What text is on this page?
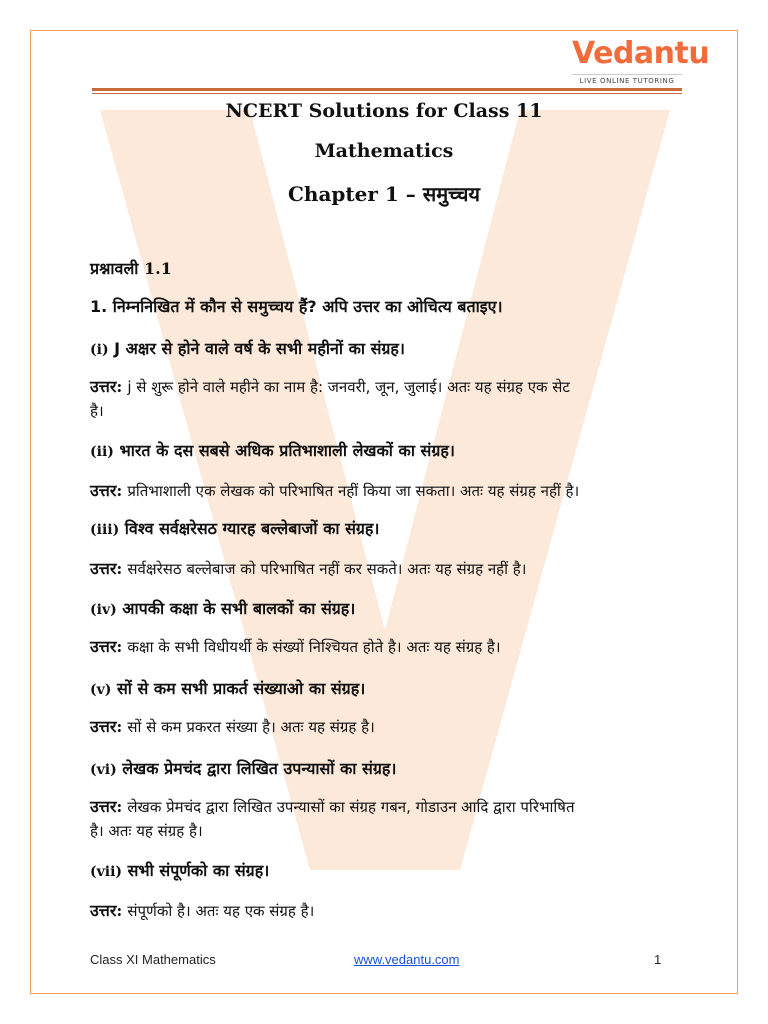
Vedantu
LIVE ONLINE TUTORING
NCERT Solutions for Class 11
Mathematics
Chapter 1 – समुच्चय
प्रश्नावली 1.1
1. निम्ननिखित में कौन से समुच्चय हैं? अपि उत्तर का ओचित्य बताइए।
(i) J अक्षर से होने वाले वर्ष के सभी महीनों का संग्रह।
उत्तर: j से शुरू होने वाले महीने का नाम है: जनवरी, जून, जुलाई। अतः यह संग्रह एक सेट
है।
(ii) भारत के दस सबसे अधिक प्रतिभाशाली लेखकों का संग्रह।
उत्तर: प्रतिभाशाली एक लेखक को परिभाषित नहीं किया जा सकता। अतः यह संग्रह नहीं है।
(iii) विश्व सर्वक्षरेसठ ग्यारह बल्लेबाजों का संग्रह।
उत्तर: सर्वक्षरेसठ बल्लेबाज को परिभाषित नहीं कर सकते। अतः यह संग्रह नहीं है।
(iv) आपकी कक्षा के सभी बालकों का संग्रह।
उत्तर: कक्षा के सभी विधीयर्थी के संख्यों निश्चियत होते है। अतः यह संग्रह है।
(v) सों से कम सभी प्राकर्त संख्याओ का संग्रह।
उत्तर: सों से कम प्रकरत संख्या है। अतः यह संग्रह है।
(vi) लेखक प्रेमचंद द्वारा लिखित उपन्यासों का संग्रह।
उत्तर: लेखक प्रेमचंद द्वारा लिखित उपन्यासों का संग्रह गबन, गोडाउन आदि द्वारा परिभाषित
है। अतः यह संग्रह है।
(vii) सभी संपूर्णको का संग्रह।
उत्तर: संपूर्णको है। अतः यह एक संग्रह है।
Class XI Mathematics	www.vedantu.com	1
